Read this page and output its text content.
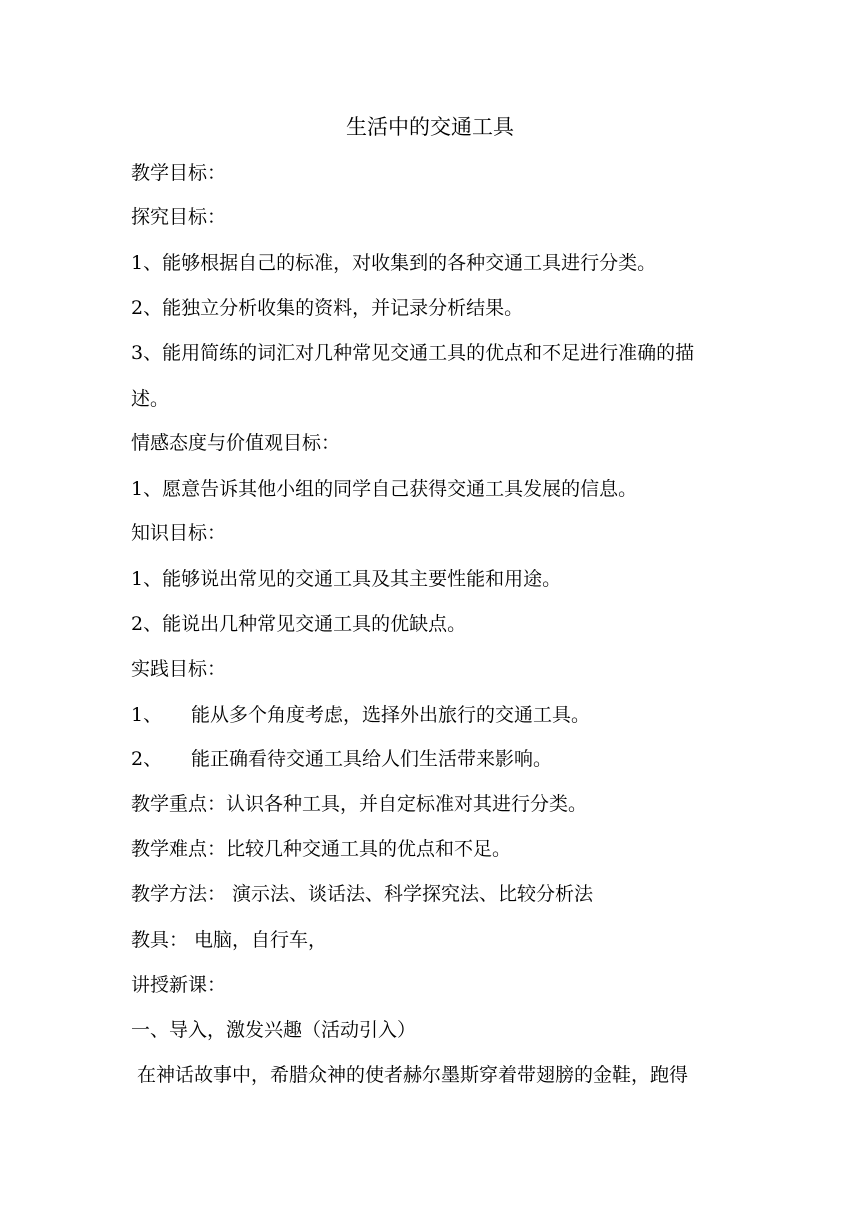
生活中的交通工具
教学目标：
探究目标：
1、能够根据自己的标准，对收集到的各种交通工具进行分类。
2、能独立分析收集的资料，并记录分析结果。
3、能用简练的词汇对几种常见交通工具的优点和不足进行准确的描
述。
情感态度与价值观目标：
1、愿意告诉其他小组的同学自己获得交通工具发展的信息。
知识目标：
1、能够说出常见的交通工具及其主要性能和用途。
2、能说出几种常见交通工具的优缺点。
实践目标：
1、 能从多个角度考虑，选择外出旅行的交通工具。
2、 能正确看待交通工具给人们生活带来影响。
教学重点：认识各种工具，并自定标准对其进行分类。
教学难点：比较几种交通工具的优点和不足。
教学方法： 演示法、谈话法、科学探究法、比较分析法
教具： 电脑，自行车，
讲授新课：
一、导入，激发兴趣（活动引入）
在神话故事中，希腊众神的使者赫尔墨斯穿着带翅膀的金鞋，跑得
